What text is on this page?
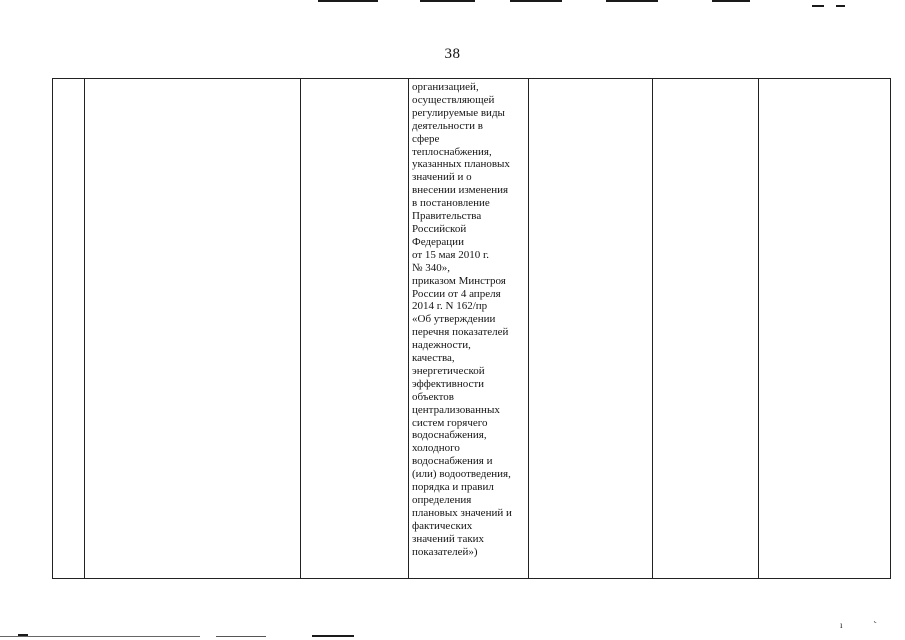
38

организацией,
осуществляющей
регулируемые виды
деятельности в
сфере
теплоснабжения,
указанных плановых
значений и о
внесении изменения
в постановление
Правительства
Российской
Федерации
от 15 мая 2010 г.
№ 340»,
приказом Минстроя
России от 4 апреля
2014 г. N 162/пр
«Об утверждении
перечня показателей
надежности,
качества,
энергетической
эффективности
объектов
централизованных
систем горячего
водоснабжения,
холодного
водоснабжения и
(или) водоотведения,
порядка и правил
определения
плановых значений и
фактических
значений таких
показателей»)

ı	˞
